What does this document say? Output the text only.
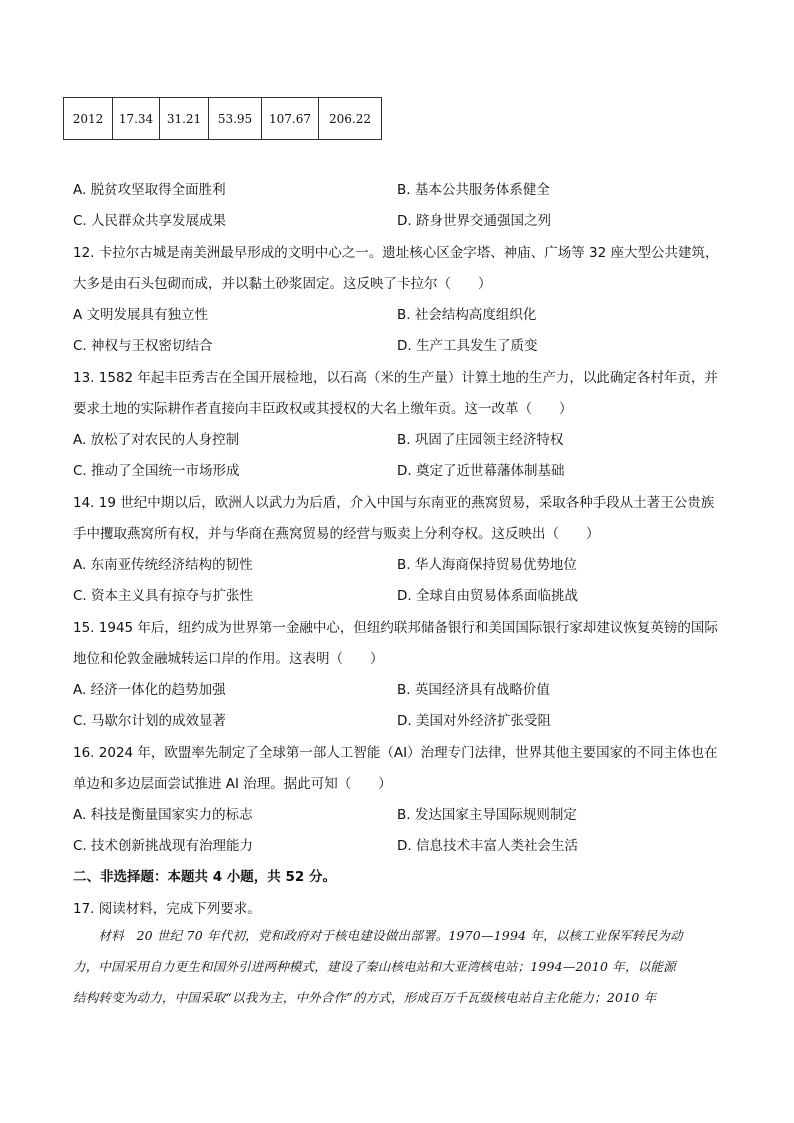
2012	17.34	31.21	53.95	107.67	206.22
A. 脱贫攻坚取得全面胜利	B. 基本公共服务体系健全
C. 人民群众共享发展成果	D. 跻身世界交通强国之列
12. 卡拉尔古城是南美洲最早形成的文明中心之一。遗址核心区金字塔、神庙、广场等 32 座大型公共建筑，
大多是由石头包砌而成，并以黏土砂浆固定。这反映了卡拉尔（　　）
A 文明发展具有独立性	B. 社会结构高度组织化
C. 神权与王权密切结合	D. 生产工具发生了质变
13. 1582 年起丰臣秀吉在全国开展检地，以石高（米的生产量）计算土地的生产力，以此确定各村年贡，并
要求土地的实际耕作者直接向丰臣政权或其授权的大名上缴年贡。这一改革（　　）
A. 放松了对农民的人身控制	B. 巩固了庄园领主经济特权
C. 推动了全国统一市场形成	D. 奠定了近世幕藩体制基础
14. 19 世纪中期以后，欧洲人以武力为后盾，介入中国与东南亚的燕窝贸易，采取各种手段从土著王公贵族
手中攫取燕窝所有权，并与华商在燕窝贸易的经营与贩卖上分利夺权。这反映出（　　）
A. 东南亚传统经济结构的韧性	B. 华人海商保持贸易优势地位
C. 资本主义具有掠夺与扩张性	D. 全球自由贸易体系面临挑战
15. 1945 年后，纽约成为世界第一金融中心，但纽约联邦储备银行和美国国际银行家却建议恢复英镑的国际
地位和伦敦金融城转运口岸的作用。这表明（　　）
A. 经济一体化的趋势加强	B. 英国经济具有战略价值
C. 马歇尔计划的成效显著	D. 美国对外经济扩张受阻
16. 2024 年，欧盟率先制定了全球第一部人工智能（AI）治理专门法律，世界其他主要国家的不同主体也在
单边和多边层面尝试推进 AI 治理。据此可知（　　）
A. 科技是衡量国家实力的标志	B. 发达国家主导国际规则制定
C. 技术创新挑战现有治理能力	D. 信息技术丰富人类社会生活
二、非选择题：本题共 4 小题，共 52 分。
17. 阅读材料，完成下列要求。
　　材料　20 世纪 70 年代初，党和政府对于核电建设做出部署。1970—1994 年，以核工业保军转民为动
力，中国采用自力更生和国外引进两种模式，建设了秦山核电站和大亚湾核电站；1994—2010 年，以能源
结构转变为动力，中国采取“以我为主，中外合作”的方式，形成百万千瓦级核电站自主化能力；2010 年
